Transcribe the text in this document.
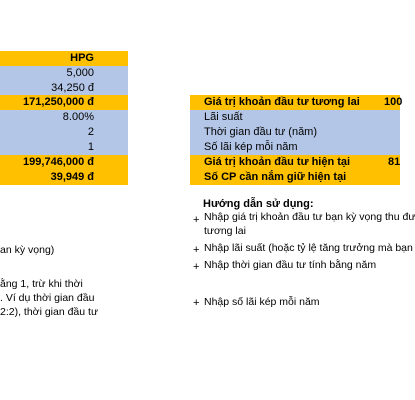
HPG
5,000
34,250 đ
171,250,000 đ
8.00%
2
1
199,746,000 đ
39,949 đ
Giá trị khoản đầu tư tương lai	100
Lãi suất
Thời gian đầu tư (năm)
Số lãi kép mỗi năm
Giá trị khoản đầu tư hiện tại	81
Số CP cần nắm giữ hiện tại
Hướng dẫn sử dụng:
+ Nhập giá trị khoản đầu tư bạn kỳ vọng thu đư
tương lai
+ Nhập lãi suất (hoặc tỷ lệ tăng trưởng mà bạn
+ Nhập thời gian đầu tư tính bằng năm
+ Nhập số lãi kép mỗi năm
an kỳ vọng)
ằng 1, trừ khi thời
. Ví dụ thời gian đầu
2:2), thời gian đầu tư
